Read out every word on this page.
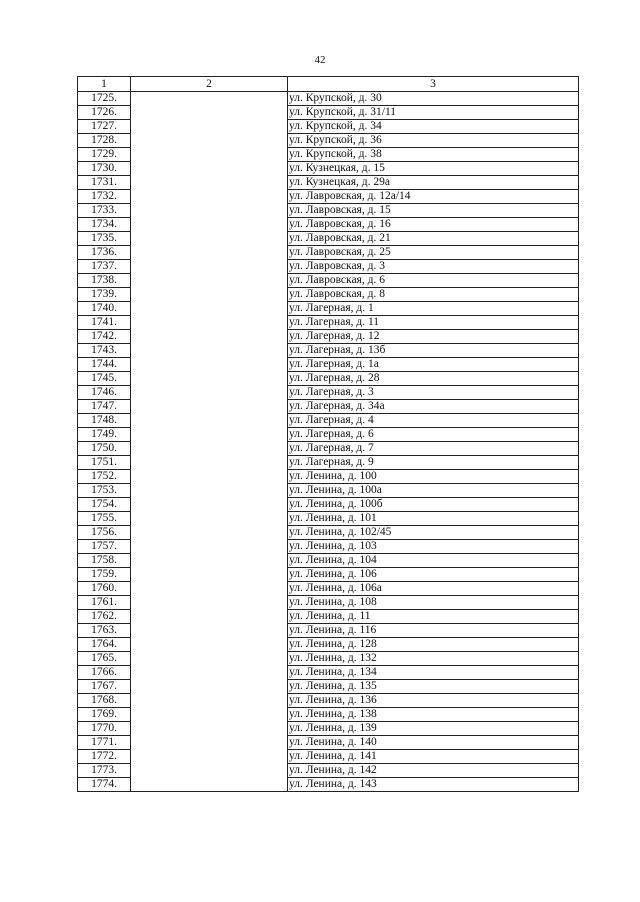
42
1	2	3
1725.		ул. Крупской, д. 30
1726.		ул. Крупской, д. 31/11
1727.		ул. Крупской, д. 34
1728.		ул. Крупской, д. 36
1729.		ул. Крупской, д. 38
1730.		ул. Кузнецкая, д. 15
1731.		ул. Кузнецкая, д. 29а
1732.		ул. Лавровская, д. 12а/14
1733.		ул. Лавровская, д. 15
1734.		ул. Лавровская, д. 16
1735.		ул. Лавровская, д. 21
1736.		ул. Лавровская, д. 25
1737.		ул. Лавровская, д. 3
1738.		ул. Лавровская, д. 6
1739.		ул. Лавровская, д. 8
1740.		ул. Лагерная, д. 1
1741.		ул. Лагерная, д. 11
1742.		ул. Лагерная, д. 12
1743.		ул. Лагерная, д. 13б
1744.		ул. Лагерная, д. 1а
1745.		ул. Лагерная, д. 28
1746.		ул. Лагерная, д. 3
1747.		ул. Лагерная, д. 34а
1748.		ул. Лагерная, д. 4
1749.		ул. Лагерная, д. 6
1750.		ул. Лагерная, д. 7
1751.		ул. Лагерная, д. 9
1752.		ул. Ленина, д. 100
1753.		ул. Ленина, д. 100а
1754.		ул. Ленина, д. 100б
1755.		ул. Ленина, д. 101
1756.		ул. Ленина, д. 102/45
1757.		ул. Ленина, д. 103
1758.		ул. Ленина, д. 104
1759.		ул. Ленина, д. 106
1760.		ул. Ленина, д. 106а
1761.		ул. Ленина, д. 108
1762.		ул. Ленина, д. 11
1763.		ул. Ленина, д. 116
1764.		ул. Ленина, д. 128
1765.		ул. Ленина, д. 132
1766.		ул. Ленина, д. 134
1767.		ул. Ленина, д. 135
1768.		ул. Ленина, д. 136
1769.		ул. Ленина, д. 138
1770.		ул. Ленина, д. 139
1771.		ул. Ленина, д. 140
1772.		ул. Ленина, д. 141
1773.		ул. Ленина, д. 142
1774.		ул. Ленина, д. 143
